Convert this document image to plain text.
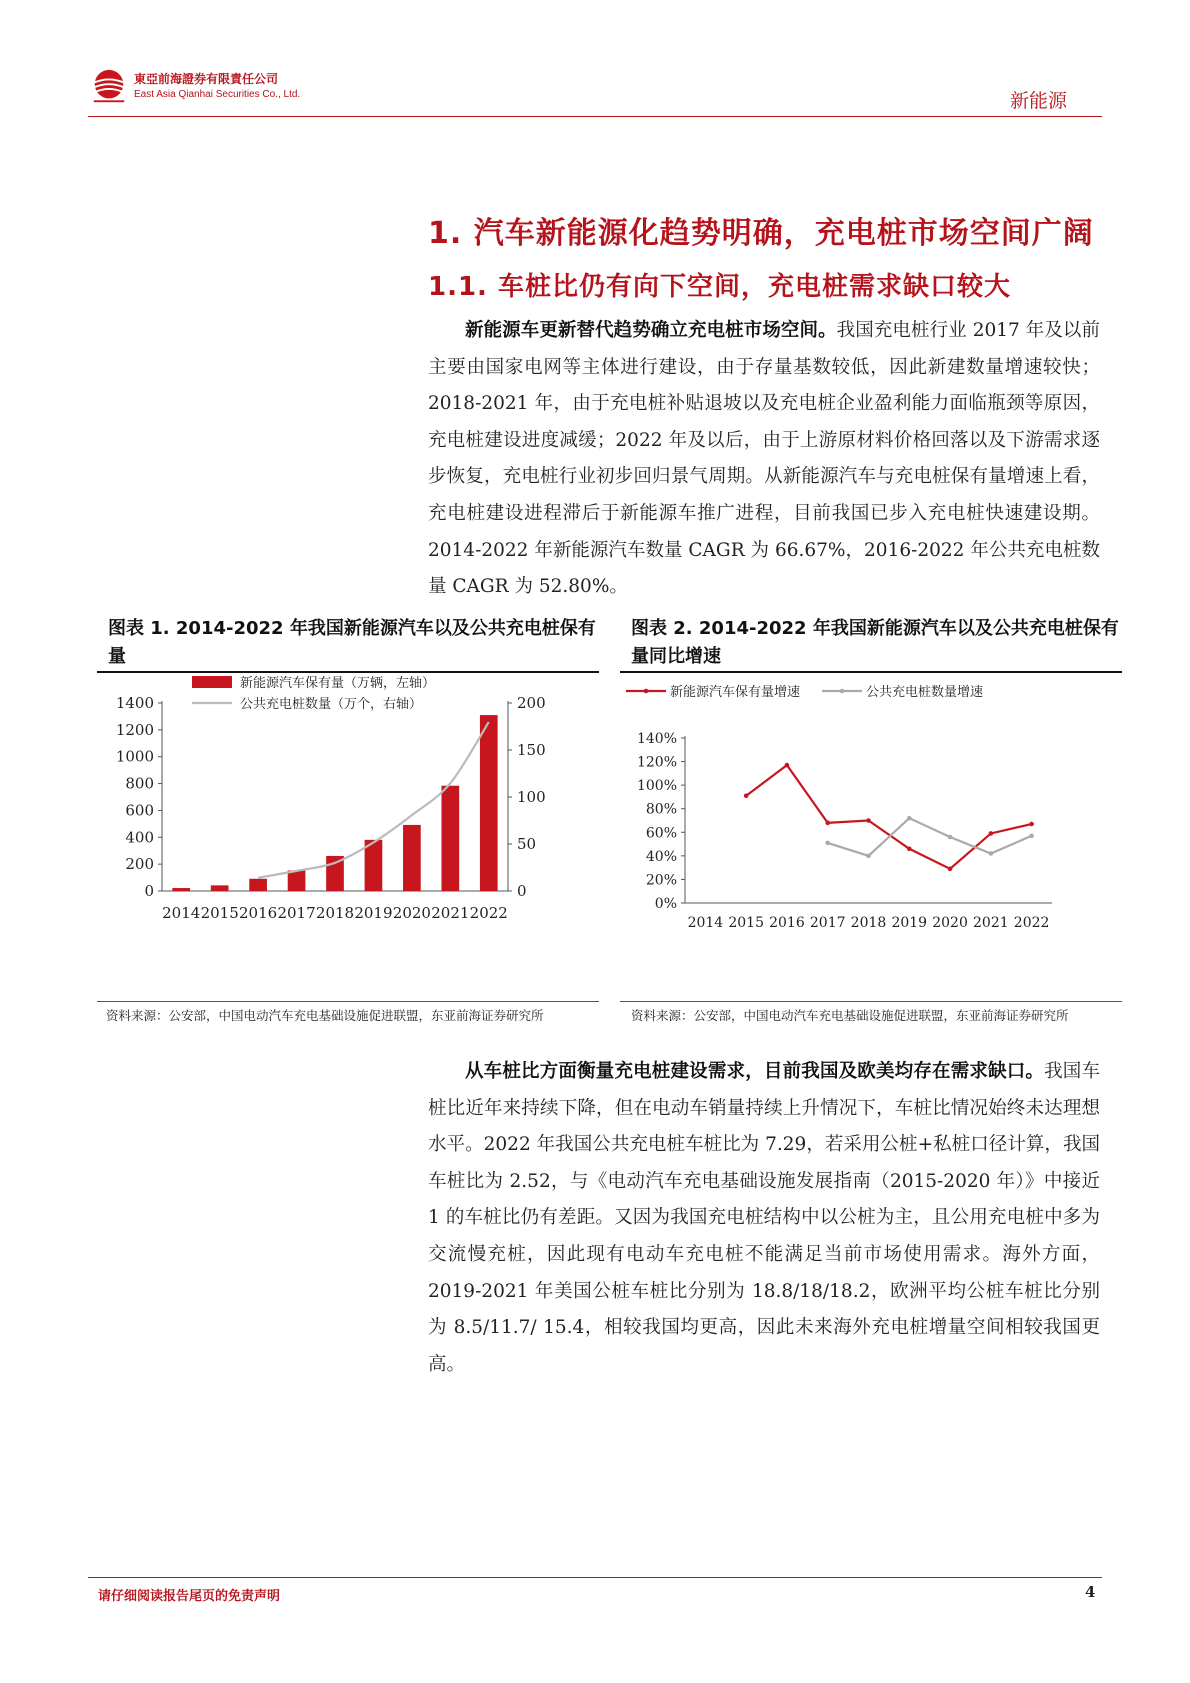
東亞前海證券有限責任公司
East Asia Qianhai Securities Co., Ltd.	新能源
1. 汽车新能源化趋势明确，充电桩市场空间广阔
1.1. 车桩比仍有向下空间，充电桩需求缺口较大
新能源车更新替代趋势确立充电桩市场空间。我国充电桩行业 2017 年及以前主要由国家电网等主体进行建设，由于存量基数较低，因此新建数量增速较快；2018-2021 年，由于充电桩补贴退坡以及充电桩企业盈利能力面临瓶颈等原因，充电桩建设进度减缓；2022 年及以后，由于上游原材料价格回落以及下游需求逐步恢复，充电桩行业初步回归景气周期。从新能源汽车与充电桩保有量增速上看，充电桩建设进程滞后于新能源车推广进程，目前我国已步入充电桩快速建设期。2014-2022 年新能源汽车数量 CAGR 为 66.67%，2016-2022 年公共充电桩数量 CAGR 为 52.80%。
图表 1. 2014-2022 年我国新能源汽车以及公共充电桩保有量
0
200
400
600
800
1000
1200
1400
0
50
100
150
200
2014 2015 2016 2017 2018 2019 2020 2021 2022
新能源汽车保有量（万辆，左轴）
公共充电桩数量（万个，右轴）
资料来源：公安部，中国电动汽车充电基础设施促进联盟，东亚前海证券研究所
图表 2. 2014-2022 年我国新能源汽车以及公共充电桩保有量同比增速
0%
20%
40%
60%
80%
100%
120%
140%
2014 2015 2016 2017 2018 2019 2020 2021 2022
新能源汽车保有量增速	公共充电桩数量增速
资料来源：公安部，中国电动汽车充电基础设施促进联盟，东亚前海证券研究所
从车桩比方面衡量充电桩建设需求，目前我国及欧美均存在需求缺口。我国车桩比近年来持续下降，但在电动车销量持续上升情况下，车桩比情况始终未达理想水平。2022 年我国公共充电桩车桩比为 7.29，若采用公桩+私桩口径计算，我国车桩比为 2.52，与《电动汽车充电基础设施发展指南（2015-2020 年）》中接近 1 的车桩比仍有差距。又因为我国充电桩结构中以公桩为主，且公用充电桩中多为交流慢充桩，因此现有电动车充电桩不能满足当前市场使用需求。海外方面，2019-2021 年美国公桩车桩比分别为 18.8/18/18.2，欧洲平均公桩车桩比分别为 8.5/11.7/ 15.4，相较我国均更高，因此未来海外充电桩增量空间相较我国更高。
请仔细阅读报告尾页的免责声明	4
